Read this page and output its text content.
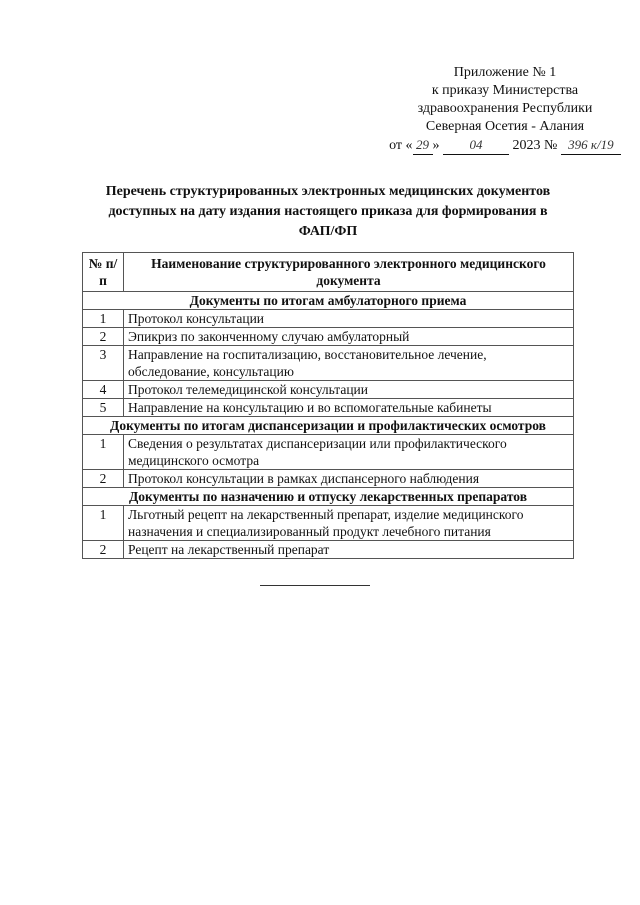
Приложение № 1
к приказу Министерства
здравоохранения Республики
Северная Осетия - Алания
от « 29 » 04 2023 № 396 к/19
Перечень структурированных электронных медицинских документов доступных на дату издания настоящего приказа для формирования в ФАП/ФП
№ п/п	Наименование структурированного электронного медицинского документа
Документы по итогам амбулаторного приема	
1	Протокол консультации
2	Эпикриз по законченному случаю амбулаторный
3	Направление на госпитализацию, восстановительное лечение, обследование, консультацию
4	Протокол телемедицинской консультации
5	Направление на консультацию и во вспомогательные кабинеты
Документы по итогам диспансеризации и профилактических осмотров	
1	Сведения о результатах диспансеризации или профилактического медицинского осмотра
2	Протокол консультации в рамках диспансерного наблюдения
Документы по назначению и отпуску лекарственных препаратов	
1	Льготный рецепт на лекарственный препарат, изделие медицинского назначения и специализированный продукт лечебного питания
2	Рецепт на лекарственный препарат
